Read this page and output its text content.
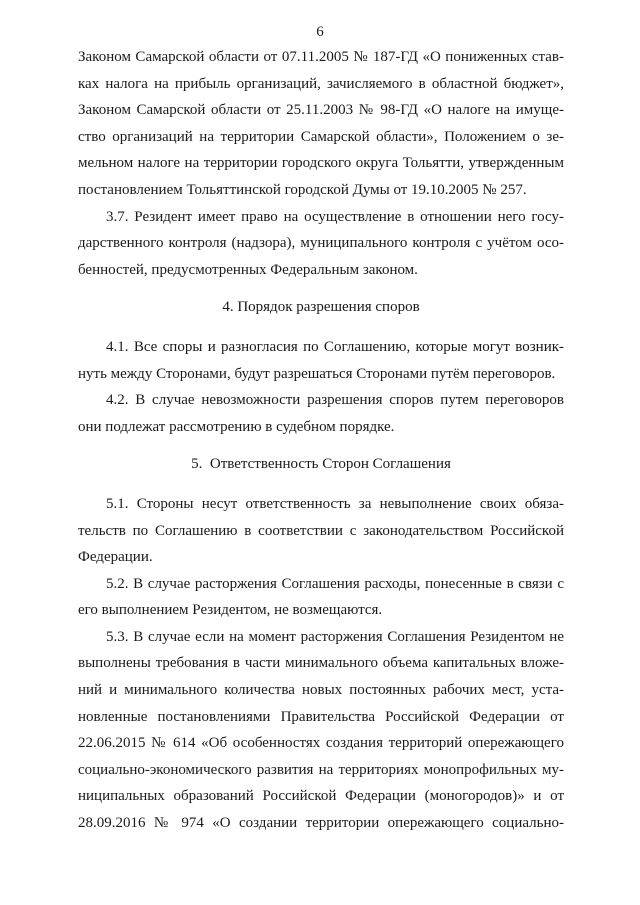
6
Законом Самарской области от 07.11.2005 № 187-ГД «О пониженных став-
ках налога на прибыль организаций, зачисляемого в областной бюджет»,
Законом Самарской области от 25.11.2003 № 98-ГД «О налоге на имуще-
ство организаций на территории Самарской области», Положением о зе-
мельном налоге на территории городского округа Тольятти, утвержденным
постановлением Тольяттинской городской Думы от 19.10.2005 № 257.
3.7. Резидент имеет право на осуществление в отношении него госу-
дарственного контроля (надзора), муниципального контроля с учётом осо-
бенностей, предусмотренных Федеральным законом.
4. Порядок разрешения споров
4.1. Все споры и разногласия по Соглашению, которые могут возник-
нуть между Сторонами, будут разрешаться Сторонами путём переговоров.
4.2. В случае невозможности разрешения споров путем переговоров
они подлежат рассмотрению в судебном порядке.
5.  Ответственность Сторон Соглашения
5.1. Стороны несут ответственность за невыполнение своих обяза-
тельств по Соглашению в соответствии с законодательством Российской
Федерации.
5.2. В случае расторжения Соглашения расходы, понесенные в связи с
его выполнением Резидентом, не возмещаются.
5.3. В случае если на момент расторжения Соглашения Резидентом не
выполнены требования в части минимального объема капитальных вложе-
ний и минимального количества новых постоянных рабочих мест, уста-
новленные постановлениями Правительства Российской Федерации от
22.06.2015 № 614 «Об особенностях создания территорий опережающего
социально-экономического развития на территориях монопрофильных му-
ниципальных образований Российской Федерации (моногородов)» и от
28.09.2016 № 974 «О создании территории опережающего социально-
